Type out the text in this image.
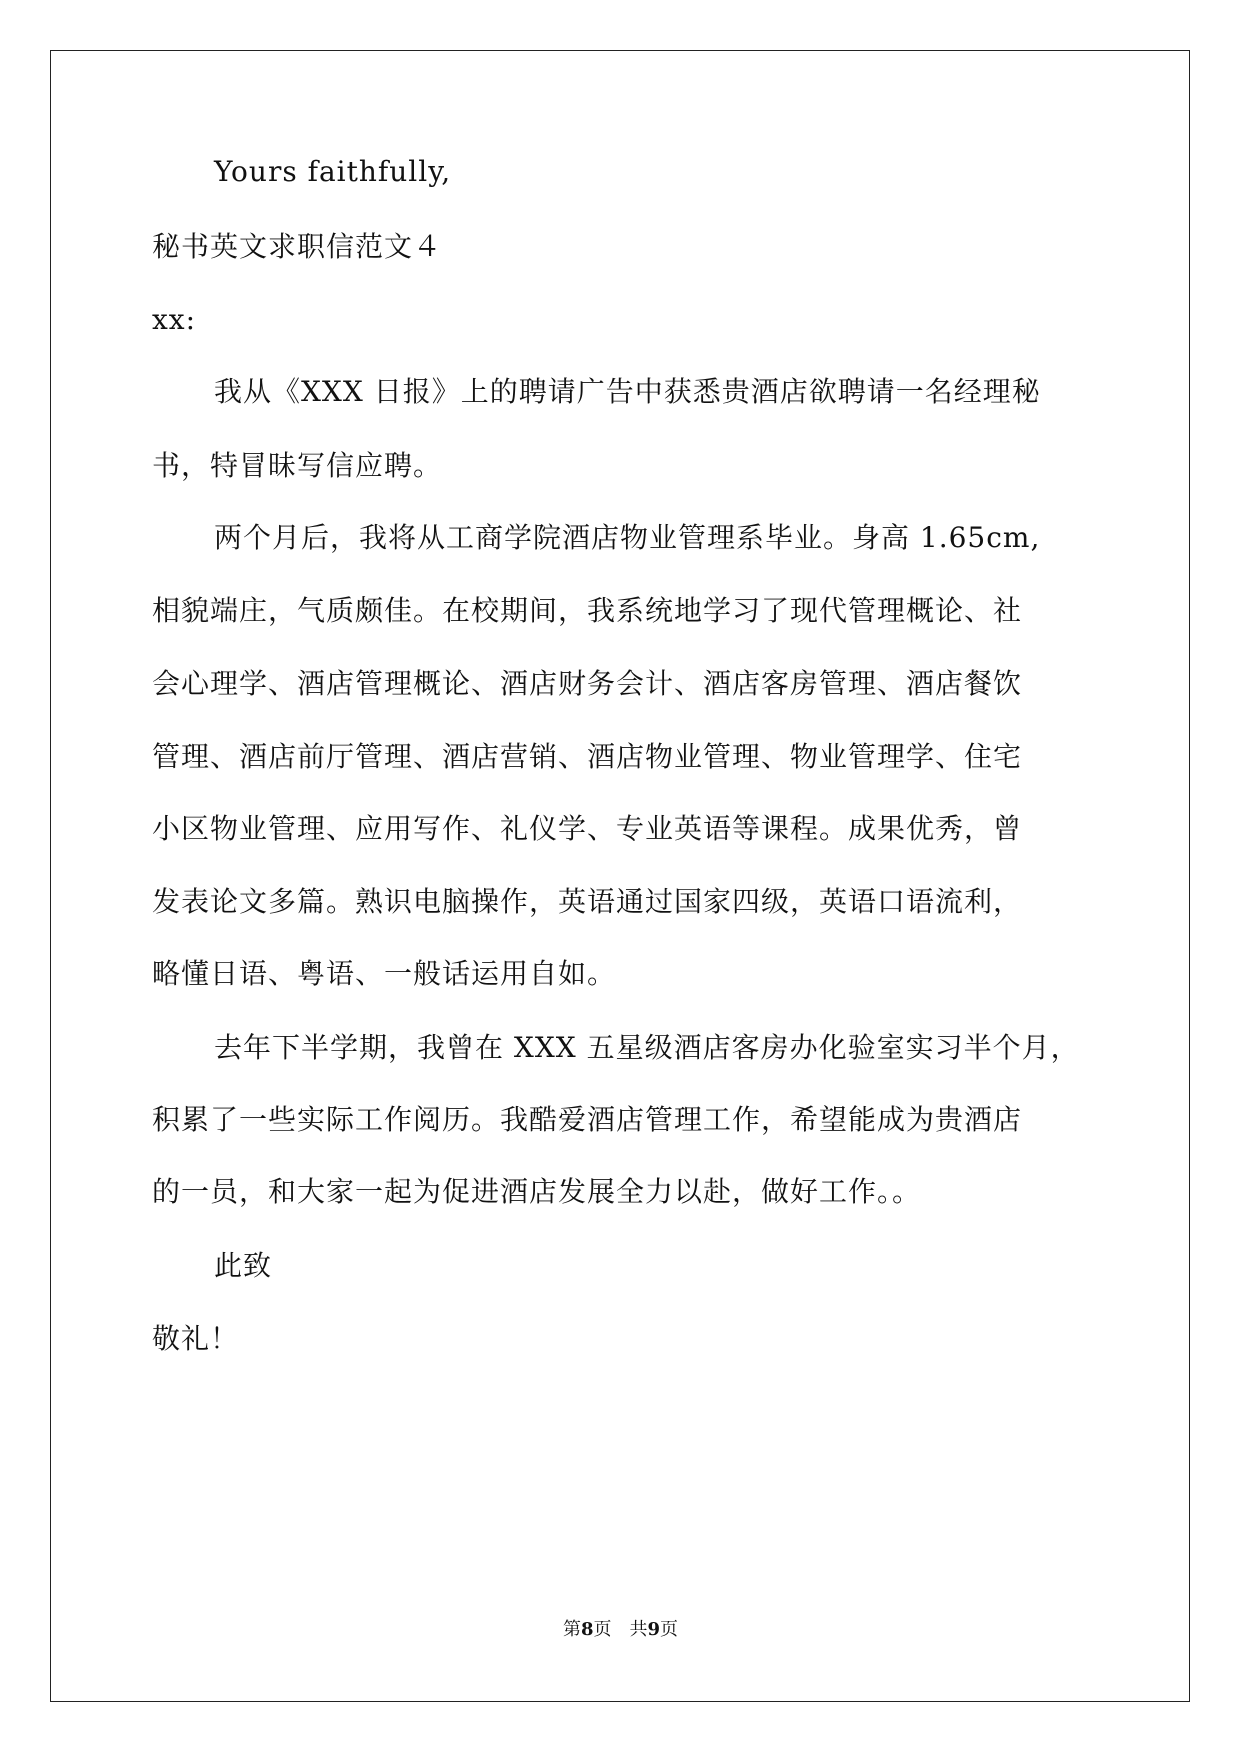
Yours faithfully,
秘书英文求职信范文４
xx:
我从《XXX 日报》上的聘请广告中获悉贵酒店欲聘请一名经理秘
书，特冒昧写信应聘。
两个月后，我将从工商学院酒店物业管理系毕业。身高 1.65cm,
相貌端庄，气质颇佳。在校期间，我系统地学习了现代管理概论、社
会心理学、酒店管理概论、酒店财务会计、酒店客房管理、酒店餐饮
管理、酒店前厅管理、酒店营销、酒店物业管理、物业管理学、住宅
小区物业管理、应用写作、礼仪学、专业英语等课程。成果优秀，曾
发表论文多篇。熟识电脑操作，英语通过国家四级，英语口语流利，
略懂日语、粤语、一般话运用自如。
去年下半学期，我曾在 XXX 五星级酒店客房办化验室实习半个月，
积累了一些实际工作阅历。我酷爱酒店管理工作，希望能成为贵酒店
的一员，和大家一起为促进酒店发展全力以赴，做好工作。。
此致
敬礼！
第8页　共9页
